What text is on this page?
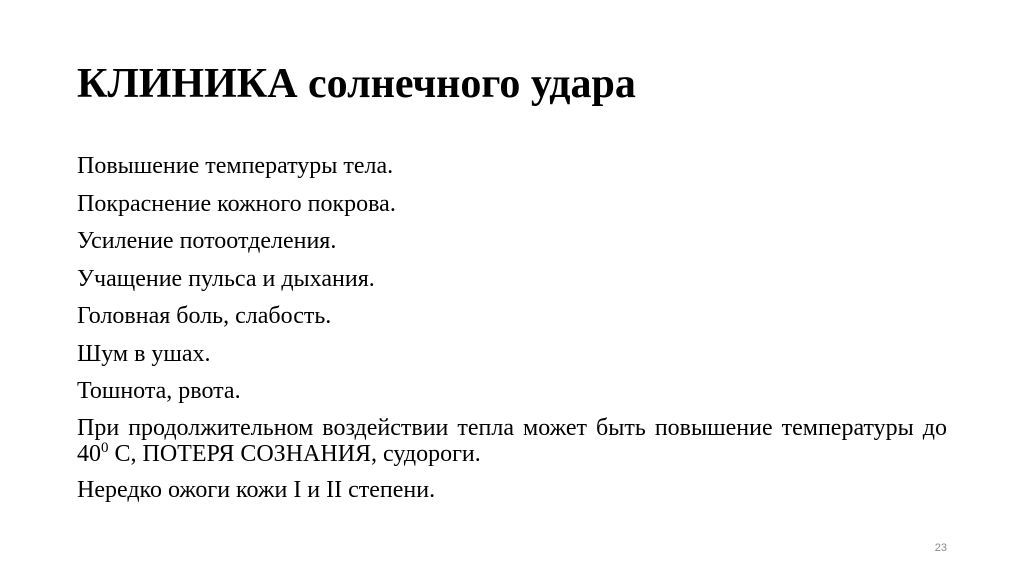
КЛИНИКА солнечного удара
Повышение температуры тела.
Покраснение кожного покрова.
Усиление потоотделения.
Учащение пульса и дыхания.
Головная боль, слабость.
Шум в ушах.
Тошнота, рвота.
При продолжительном воздействии тепла может быть повышение температуры до $40^0$ С, ПОТЕРЯ СОЗНАНИЯ, судороги.
Нередко ожоги кожи I и II степени.
23
